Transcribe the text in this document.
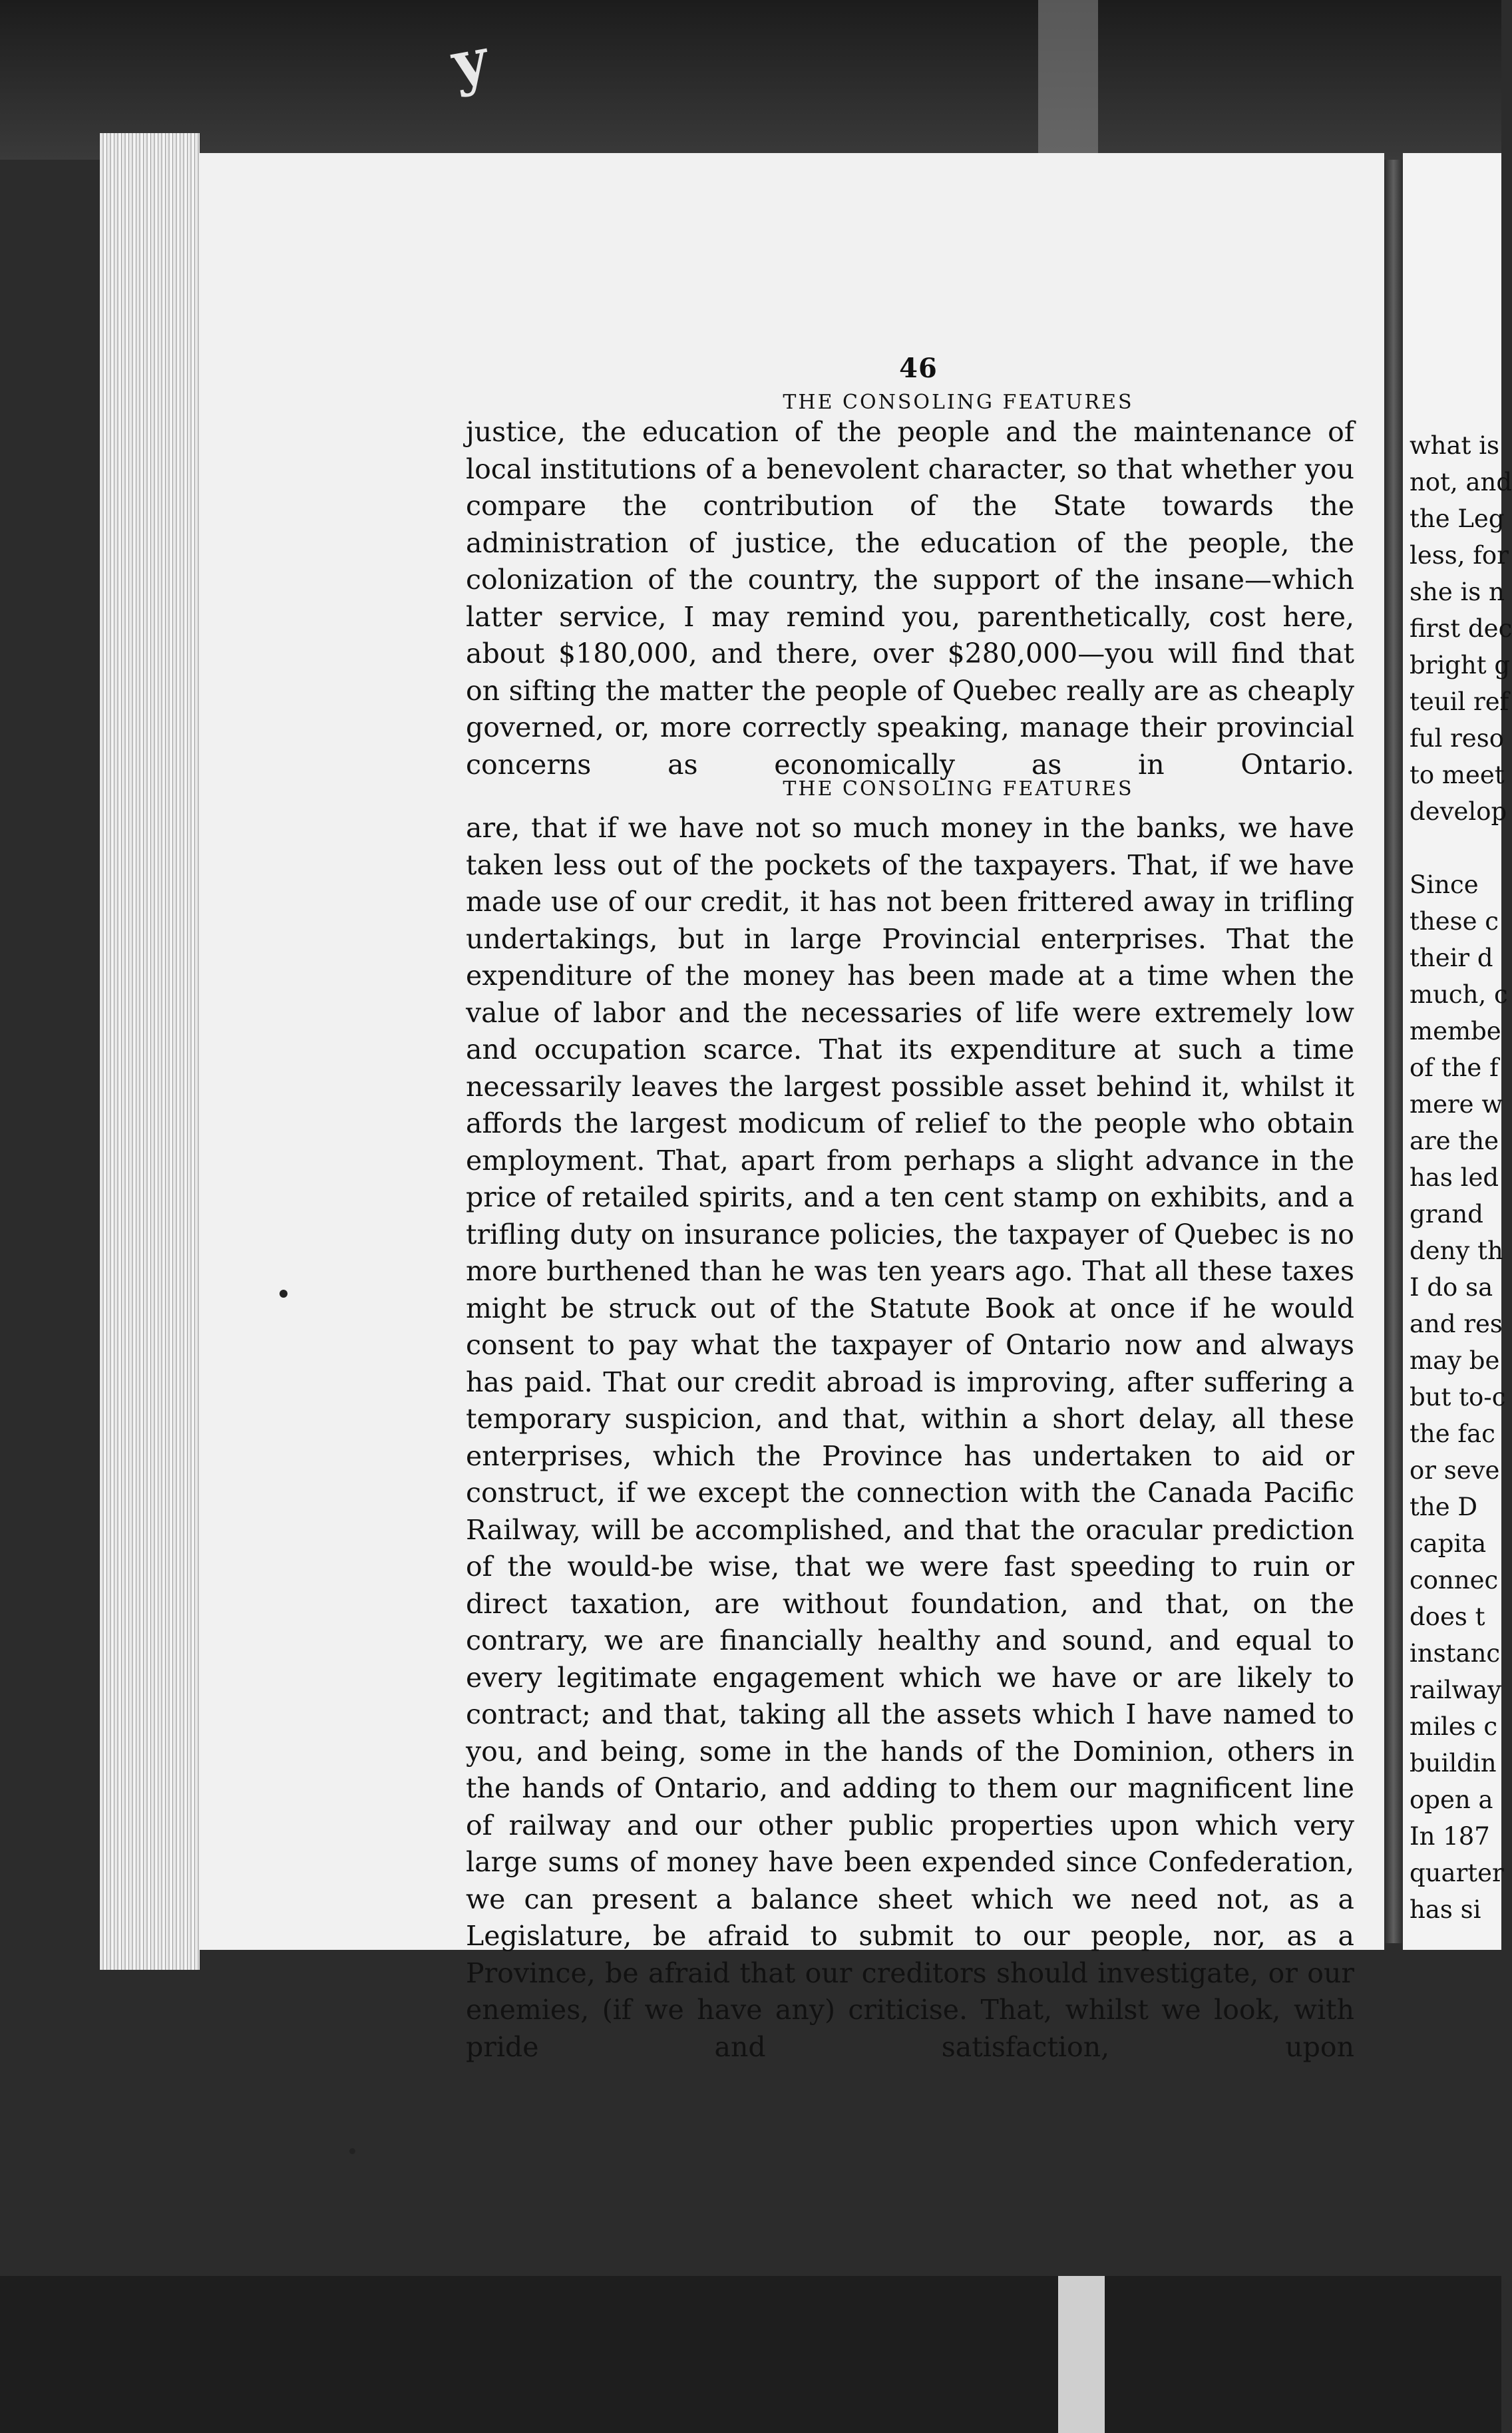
y
what is
not, and
the Leg
less, for
she is n
first dec
bright g
teuil ref
ful reso
to meet
develop
Since
these c
their d
much, c
membe
of the f
mere w
are the
has led
grand
deny th
I do sa
and res
may be
but to-c
the fac
or seve
the D
capita
connec
does t
instanc
railway
miles c
buildin
open a
In 187
quarter
has si
46
THE CONSOLING FEATURES
justice, the education of the people and the maintenance of local institutions of a benevolent character, so that whether you compare the contribution of the State towards the administration of justice, the education of the people, the colonization of the country, the support of the insane—which latter service, I may remind you, parenthetically, cost here, about $180,000, and there, over $280,000—you will find that on sifting the matter the people of Quebec really are as cheaply governed, or, more correctly speaking, manage their provincial concerns as economically as in Ontario.
THE CONSOLING FEATURES
are, that if we have not so much money in the banks, we have taken less out of the pockets of the taxpayers. That, if we have made use of our credit, it has not been frittered away in trifling undertakings, but in large Provincial enterprises. That the expenditure of the money has been made at a time when the value of labor and the necessaries of life were extremely low and occupation scarce. That its expenditure at such a time necessarily leaves the largest possible asset behind it, whilst it affords the largest modicum of relief to the people who obtain employment. That, apart from perhaps a slight advance in the price of retailed spirits, and a ten cent stamp on exhibits, and a trifling duty on insurance policies, the taxpayer of Quebec is no more burthened than he was ten years ago. That all these taxes might be struck out of the Statute Book at once if he would consent to pay what the taxpayer of Ontario now and always has paid. That our credit abroad is improving, after suffering a temporary suspicion, and that, within a short delay, all these enterprises, which the Province has undertaken to aid or construct, if we except the connection with the Canada Pacific Railway, will be accomplished, and that the oracular prediction of the would-be wise, that we were fast speeding to ruin or direct taxation, are without foundation, and that, on the contrary, we are financially healthy and sound, and equal to every legitimate engagement which we have or are likely to contract; and that, taking all the assets which I have named to you, and being, some in the hands of the Dominion, others in the hands of Ontario, and adding to them our magnificent line of railway and our other public properties upon which very large sums of money have been expended since Confederation, we can present a balance sheet which we need not, as a Legislature, be afraid to submit to our people, nor, as a Province, be afraid that our creditors should investigate, or our enemies, (if we have any) criticise. That, whilst we look, with pride and satisfaction, upon
